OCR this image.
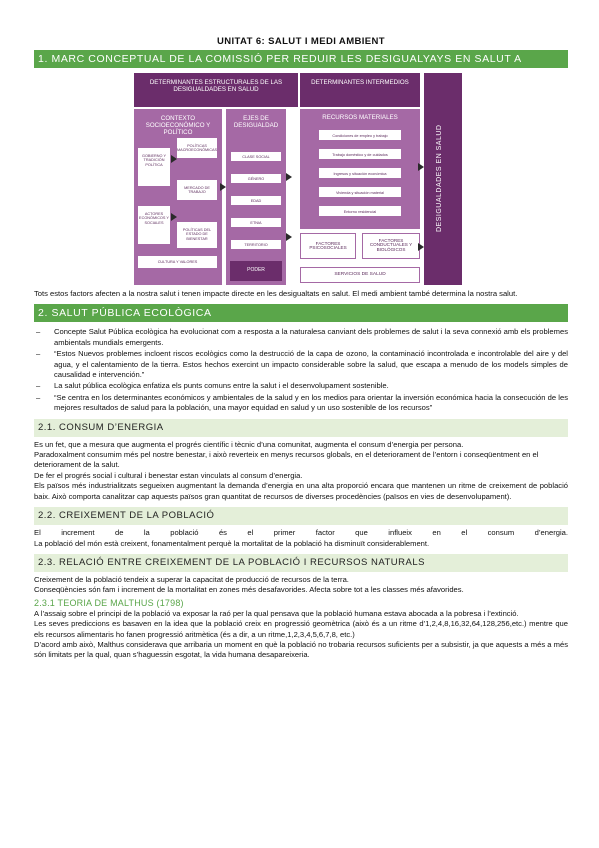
UNITAT 6: SALUT I MEDI AMBIENT
1. MARC CONCEPTUAL DE LA COMISSIÓ PER REDUIR LES DESIGUALYAYS EN SALUT A ESPANYA
DETERMINANTES ESTRUCTURALES DE LAS DESIGUALDADES EN SALUD
DETERMINANTES INTERMEDIOS
DESIGUALDADES EN SALUD
CONTEXTO SOCIOECONÓMICO Y POLÍTICO
GOBIERNO Y TRADICIÓN POLÍTICA
ACTORES ECONÓMICOS Y SOCIALES
POLÍTICAS MACROECONÓMICAS
MERCADO DE TRABAJO
POLÍTICAS DEL ESTADO DE BIENESTAR
CULTURA Y VALORES
EJES DE DESIGUALDAD
CLASE SOCIAL
GÉNERO
EDAD
ETNIA
TERRITORIO
PODER
RECURSOS MATERIALES
Condiciones de empleo y trabajo
Trabajo doméstico y de cuidados
Ingresos y situación económica
Vivienda y situación material
Entorno residencial
FACTORES PSICOSOCIALES
FACTORES CONDUCTUALES Y BIOLÓGICOS
SERVICIOS DE SALUD

Tots estos factors afecten a la nostra salut i tenen impacte directe en les desigualtats en salut. El medi ambient també determina la nostra salut.

2. SALUT PÚBLICA ECOLÒGICA
– Concepte Salut Pública ecològica ha evolucionat com a resposta a la naturalesa canviant dels problemes de salut i la seva connexió amb els problemes ambientals mundials emergents.
– “Estos Nuevos problemes incloent riscos ecològics como la destrucció de la capa de ozono, la contaminació incontrolada e incontrolable del aire y del agua, y el calentamiento de la tierra. Estos hechos exercint un impacto considerable sobre la salud, que escapa a menudo de los models simples de causalidad e intervención.”
– La salut pública ecològica enfatiza els punts comuns entre la salut i el desenvolupament sostenible.
– “Se centra en los determinantes económicos y ambientales de la salud y en los medios para orientar la inversión económica hacia la consecución de les mejores resultados de salud para la población, una mayor equidad en salud y un uso sostenible de los recursos”
2.1. CONSUM D’ENERGIA

Es un fet, que a mesura que augmenta el progrés científic i tècnic d’una comunitat, augmenta el consum d’energia per persona.

Paradoxalment consumim més pel nostre benestar, i això reverteix en menys recursos globals, en el deteriorament de l’entorn i conseqüentment en el deteriorament de la salut.

De fer el progrés social i cultural i benestar estan vinculats al consum d’energia.

Els països més industrialitzats segueixen augmentant la demanda d’energia en una alta proporció encara que mantenen un ritme de creixement de població baix. Això comporta canalitzar cap aquests països gran quantitat de recursos de diverses procedències (països en vies de desenvolupament).

2.2. CREIXEMENT DE LA POBLACIÓ

El increment de la població és el primer factor que influeix en el consum d’energia.

La població del món està creixent, fonamentalment perquè la mortalitat de la població ha disminuït considerablement.

2.3. RELACIÓ ENTRE CREIXEMENT DE LA POBLACIÓ I RECURSOS NATURALS

Creixement de la població tendeix a superar la capacitat de producció de recursos de la terra.

Conseqüències són fam i increment de la mortalitat en zones més desafavorides. Afecta sobre tot a les classes més afavorides.

2.3.1 TEORIA DE MALTHUS (1798)

A l’assaig sobre el principi de la població va exposar la raó per la qual pensava que la població humana estava abocada a la pobresa i l’extinció.

Les seves prediccions es basaven en la idea que la població creix en progressió geomètrica (això és a un ritme d’1,2,4,8,16,32,64,128,256,etc.) mentre que els recursos alimentaris ho fanen progressió aritmètica (és a dir, a un ritme,1,2,3,4,5,6,7,8, etc.)

D’acord amb això, Malthus considerava que arribaria un moment en què la població no trobaria recursos suficients per a subsistir, ja que aquests a més a més són limitats per la qual, quan s’haguessin esgotat, la vida humana desapareixeria.
